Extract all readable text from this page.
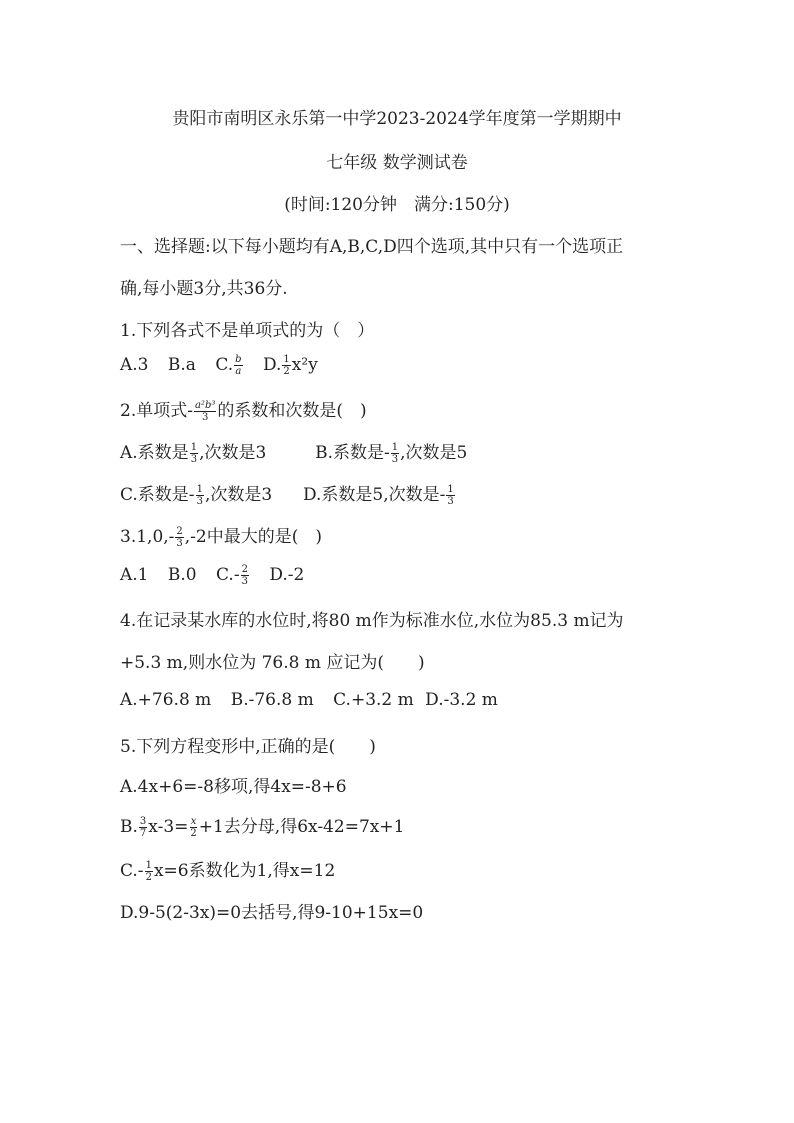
贵阳市南明区永乐第一中学2023-2024学年度第一学期期中
七年级 数学测试卷
(时间:120分钟　满分:150分)
一、选择题:以下每小题均有A,B,C,D四个选项,其中只有一个选项正
确,每小题3分,共36分.
1.下列各式不是单项式的为（　）
A.3 B.a C. $\frac{b}{a} D$. $\frac{1}{2} x^2y$
2.单项式- $\frac{\text{a²b³}}{3}$ 的系数和次数是(　)
A.系数是 $\frac{1}{3}$ ,次数是3	B.系数是- $\frac{1}{3}$ ,次数是5
C.系数是- $\frac{1}{3}$ ,次数是3 D.系数是5,次数是- $\frac{1}{3}$
$3.1,0,- \frac{2}{3} ,-2$中最大的是(　)
A.1 B.0 $C.- \frac{2}{3} D.-2$
4.在记录某水库的水位时,将80 m作为标准水位,水位为85.3 m记为
+5.3 m,则水位为 76.8 m 应记为(　　)
A.+76.8 m B.-76.8 m C.+3.2 m D.-3.2 m
5.下列方程变形中,正确的是(　　)
A.4x+6=-8移项,得4x=-8+6
B. $\frac{3}{7} x-3= \frac{x}{2} +1$去分母,得6x-42=7x+1
$C.- \frac{1}{2} x=6$系数化为1,得x=12
D.9-5(2-3x)=0去括号,得9-10+15x=0
